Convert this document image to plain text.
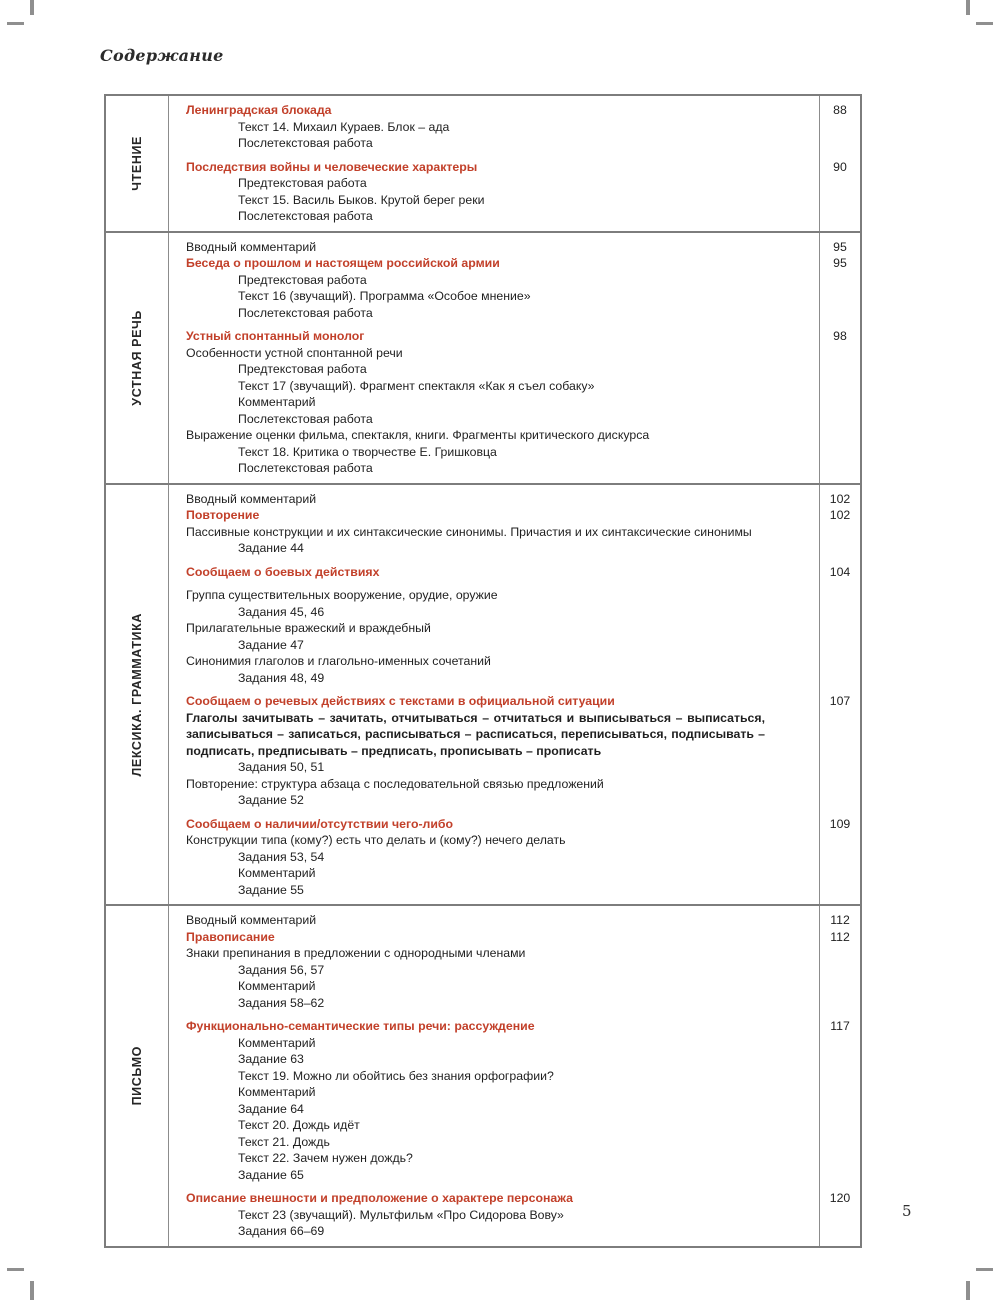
Содержание
ЧТЕНИЕ
Ленинградская блокада	88
Текст 14. Михаил Кураев. Блок – ада
Послетекстовая работа
Последствия войны и человеческие характеры	90
Предтекстовая работа
Текст 15. Василь Быков. Крутой берег реки
Послетекстовая работа
УСТНАЯ РЕЧЬ
Вводный комментарий	95
Беседа о прошлом и настоящем российской армии	95
Предтекстовая работа
Текст 16 (звучащий). Программа «Особое мнение»
Послетекстовая работа
Устный спонтанный монолог	98
Особенности устной спонтанной речи
Предтекстовая работа
Текст 17 (звучащий). Фрагмент спектакля «Как я съел собаку»
Комментарий
Послетекстовая работа
Выражение оценки фильма, спектакля, книги. Фрагменты критического дискурса
Текст 18. Критика о творчестве Е. Гришковца
Послетекстовая работа
ЛЕКСИКА. ГРАММАТИКА
Вводный комментарий	102
Повторение	102
Пассивные конструкции и их синтаксические синонимы. Причастия и их синтаксические синонимы
Задание 44
Сообщаем о боевых действиях	104
Группа существительных вооружение, орудие, оружие
Задания 45, 46
Прилагательные вражеский и враждебный
Задание 47
Синонимия глаголов и глагольно-именных сочетаний
Задания 48, 49
Сообщаем о речевых действиях с текстами в официальной ситуации	107
Глаголы зачитывать – зачитать, отчитываться – отчитаться и выписываться – выписаться, записываться – записаться, расписываться – расписаться, переписываться, подписывать – подписать, предписывать – предписать, прописывать – прописать
Задания 50, 51
Повторение: структура абзаца с последовательной связью предложений
Задание 52
Сообщаем о наличии/отсутствии чего-либо	109
Конструкции типа (кому?) есть что делать и (кому?) нечего делать
Задания 53, 54
Комментарий
Задание 55
ПИСЬМО
Вводный комментарий	112
Правописание	112
Знаки препинания в предложении с однородными членами
Задания 56, 57
Комментарий
Задания 58–62
Функционально-семантические типы речи: рассуждение	117
Комментарий
Задание 63
Текст 19. Можно ли обойтись без знания орфографии?
Комментарий
Задание 64
Текст 20. Дождь идёт
Текст 21. Дождь
Текст 22. Зачем нужен дождь?
Задание 65
Описание внешности и предположение о характере персонажа	120
Текст 23 (звучащий). Мультфильм «Про Сидорова Вову»
Задания 66–69
5
